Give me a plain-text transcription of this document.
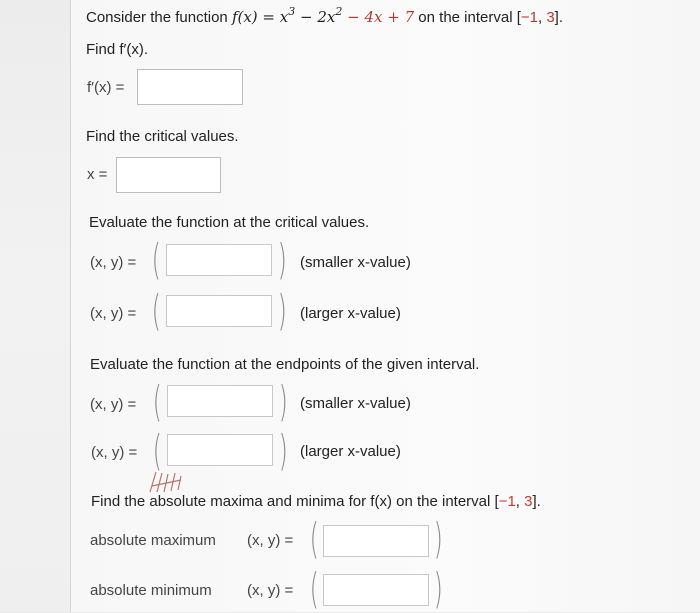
Consider the function $f(x) = x^3 - 2x^2 - 4x + 7$ on the interval [−1, 3].
Find f′(x).
f′(x) =
Find the critical values.
x =
Evaluate the function at the critical values.
(x, y) = (	) (smaller x-value)
(x, y) = (	) (larger x-value)
Evaluate the function at the endpoints of the given interval.
(x, y) = (	) (smaller x-value)
(x, y) = (	) (larger x-value)
Find the absolute maxima and minima for f(x) on the interval [−1, 3].
absolute maximum (x, y) = (	)
absolute minimum (x, y) = (	)
